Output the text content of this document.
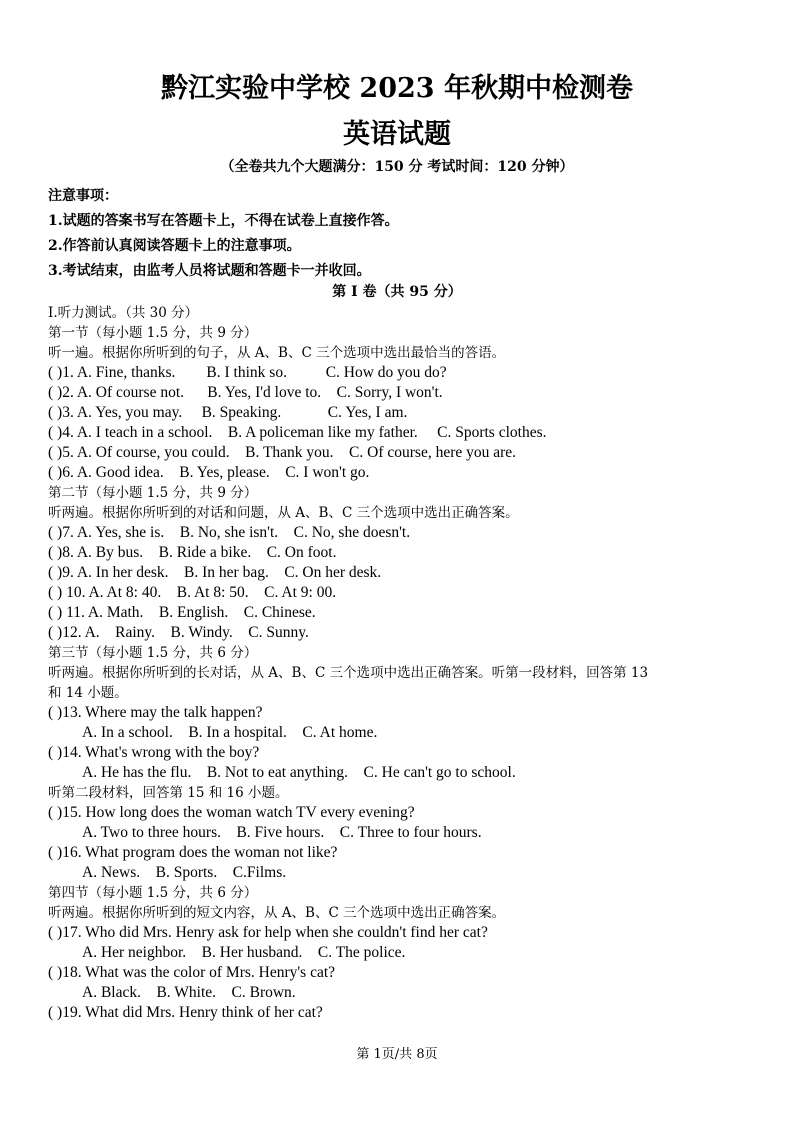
黔江实验中学校 2023 年秋期中检测卷
英语试题
（全卷共九个大题满分：150 分 考试时间：120 分钟）
注意事项：
1.试题的答案书写在答题卡上，不得在试卷上直接作答。
2.作答前认真阅读答题卡上的注意事项。
3.考试结束，由监考人员将试题和答题卡一并收回。
第 I 卷（共 95 分）
I.听力测试。（共 30 分）
第一节（每小题 1.5 分，共 9 分）
听一遍。根据你所听到的句子，从 A、B、C 三个选项中选出最恰当的答语。
( )1. A. Fine, thanks.        B. I think so.          C. How do you do?
( )2. A. Of course not.      B. Yes, I'd love to.    C. Sorry, I won't.
( )3. A. Yes, you may.     B. Speaking.            C. Yes, I am.
( )4. A. I teach in a school.    B. A policeman like my father.     C. Sports clothes.
( )5. A. Of course, you could.    B. Thank you.    C. Of course, here you are.
( )6. A. Good idea.    B. Yes, please.    C. I won't go.
第二节（每小题 1.5 分，共 9 分）
听两遍。根据你所听到的对话和问题，从 A、B、C 三个选项中选出正确答案。
( )7. A. Yes, she is.    B. No, she isn't.    C. No, she doesn't.
( )8. A. By bus.    B. Ride a bike.    C. On foot.
( )9. A. In her desk.    B. In her bag.    C. On her desk.
( ) 10. A. At 8: 40.    B. At 8: 50.    C. At 9: 00.
( ) 11. A. Math.    B. English.    C. Chinese.
( )12. A.    Rainy.    B. Windy.    C. Sunny.
第三节（每小题 1.5 分，共 6 分）
听两遍。根据你所听到的长对话，从 A、B、C 三个选项中选出正确答案。听第一段材料，回答第 13
和 14 小题。
( )13. Where may the talk happen?
A. In a school.    B. In a hospital.    C. At home.
( )14. What's wrong with the boy?
A. He has the flu.    B. Not to eat anything.    C. He can't go to school.
听第二段材料，回答第 15 和 16 小题。
( )15. How long does the woman watch TV every evening?
A. Two to three hours.    B. Five hours.    C. Three to four hours.
( )16. What program does the woman not like?
A. News.    B. Sports.    C.Films.
第四节（每小题 1.5 分，共 6 分）
听两遍。根据你所听到的短文内容，从 A、B、C 三个选项中选出正确答案。
( )17. Who did Mrs. Henry ask for help when she couldn't find her cat?
A. Her neighbor.    B. Her husband.    C. The police.
( )18. What was the color of Mrs. Henry's cat?
A. Black.    B. White.    C. Brown.
( )19. What did Mrs. Henry think of her cat?
第 1页/共 8页
